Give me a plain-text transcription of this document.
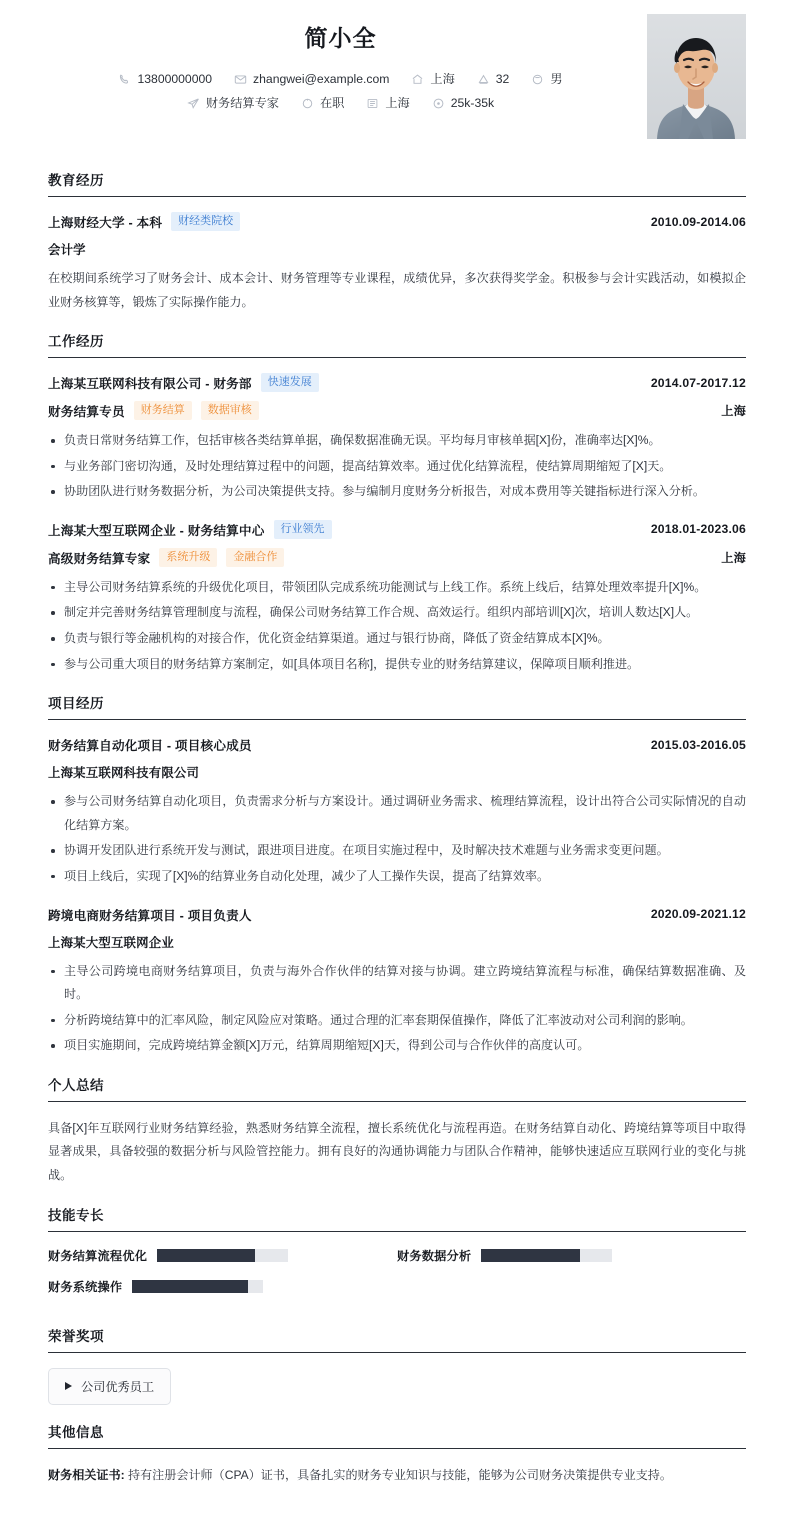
简小全
13800000000	zhangwei@example.com	上海	32	男
财务结算专家	在职	上海	25k-35k
教育经历
上海财经大学 - 本科	财经类院校	2010.09-2014.06
会计学
在校期间系统学习了财务会计、成本会计、财务管理等专业课程，成绩优异，多次获得奖学金。积极参与会计实践活动，如模拟企业财务核算等，锻炼了实际操作能力。
工作经历
上海某互联网科技有限公司 - 财务部	快速发展	2014.07-2017.12
财务结算专员	财务结算	数据审核	上海
负责日常财务结算工作，包括审核各类结算单据，确保数据准确无误。平均每月审核单据[X]份，准确率达[X]%。
与业务部门密切沟通，及时处理结算过程中的问题，提高结算效率。通过优化结算流程，使结算周期缩短了[X]天。
协助团队进行财务数据分析，为公司决策提供支持。参与编制月度财务分析报告，对成本费用等关键指标进行深入分析。
上海某大型互联网企业 - 财务结算中心	行业领先	2018.01-2023.06
高级财务结算专家	系统升级	金融合作	上海
主导公司财务结算系统的升级优化项目，带领团队完成系统功能测试与上线工作。系统上线后，结算处理效率提升[X]%。
制定并完善财务结算管理制度与流程，确保公司财务结算工作合规、高效运行。组织内部培训[X]次，培训人数达[X]人。
负责与银行等金融机构的对接合作，优化资金结算渠道。通过与银行协商，降低了资金结算成本[X]%。
参与公司重大项目的财务结算方案制定，如[具体项目名称]，提供专业的财务结算建议，保障项目顺利推进。
项目经历
财务结算自动化项目 - 项目核心成员	2015.03-2016.05
上海某互联网科技有限公司
参与公司财务结算自动化项目，负责需求分析与方案设计。通过调研业务需求、梳理结算流程，设计出符合公司实际情况的自动化结算方案。
协调开发团队进行系统开发与测试，跟进项目进度。在项目实施过程中，及时解决技术难题与业务需求变更问题。
项目上线后，实现了[X]%的结算业务自动化处理，减少了人工操作失误，提高了结算效率。
跨境电商财务结算项目 - 项目负责人	2020.09-2021.12
上海某大型互联网企业
主导公司跨境电商财务结算项目，负责与海外合作伙伴的结算对接与协调。建立跨境结算流程与标准，确保结算数据准确、及时。
分析跨境结算中的汇率风险，制定风险应对策略。通过合理的汇率套期保值操作，降低了汇率波动对公司利润的影响。
项目实施期间，完成跨境结算金额[X]万元，结算周期缩短[X]天，得到公司与合作伙伴的高度认可。
个人总结
具备[X]年互联网行业财务结算经验，熟悉财务结算全流程，擅长系统优化与流程再造。在财务结算自动化、跨境结算等项目中取得显著成果，具备较强的数据分析与风险管控能力。拥有良好的沟通协调能力与团队合作精神，能够快速适应互联网行业的变化与挑战。
技能专长
财务结算流程优化	财务数据分析
财务系统操作
荣誉奖项
公司优秀员工
其他信息
财务相关证书: 持有注册会计师（CPA）证书，具备扎实的财务专业知识与技能，能够为公司财务决策提供专业支持。
